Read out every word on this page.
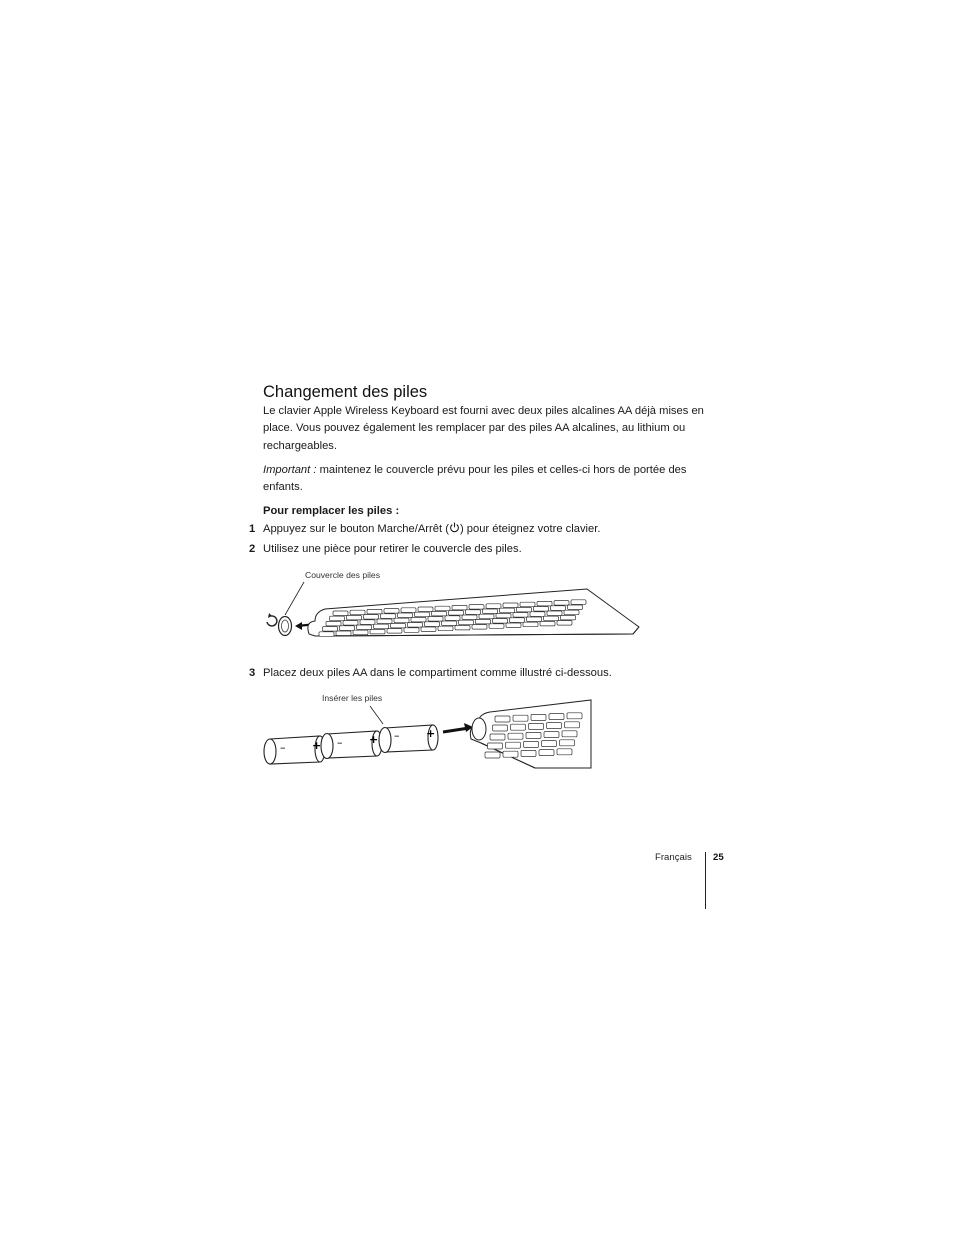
Changement des piles
Le clavier Apple Wireless Keyboard est fourni avec deux piles alcalines AA déjà mises en place. Vous pouvez également les remplacer par des piles AA alcalines, au lithium ou rechargeables.
Important : maintenez le couvercle prévu pour les piles et celles-ci hors de portée des enfants.
Pour remplacer les piles :
1 Appuyez sur le bouton Marche/Arrêt ( ) pour éteignez votre clavier.
2 Utilisez une pièce pour retirer le couvercle des piles.
Couvercle des piles
3 Placez deux piles AA dans le compartiment comme illustré ci-dessous.
Insérer les piles
– + – + – +
Français 25
